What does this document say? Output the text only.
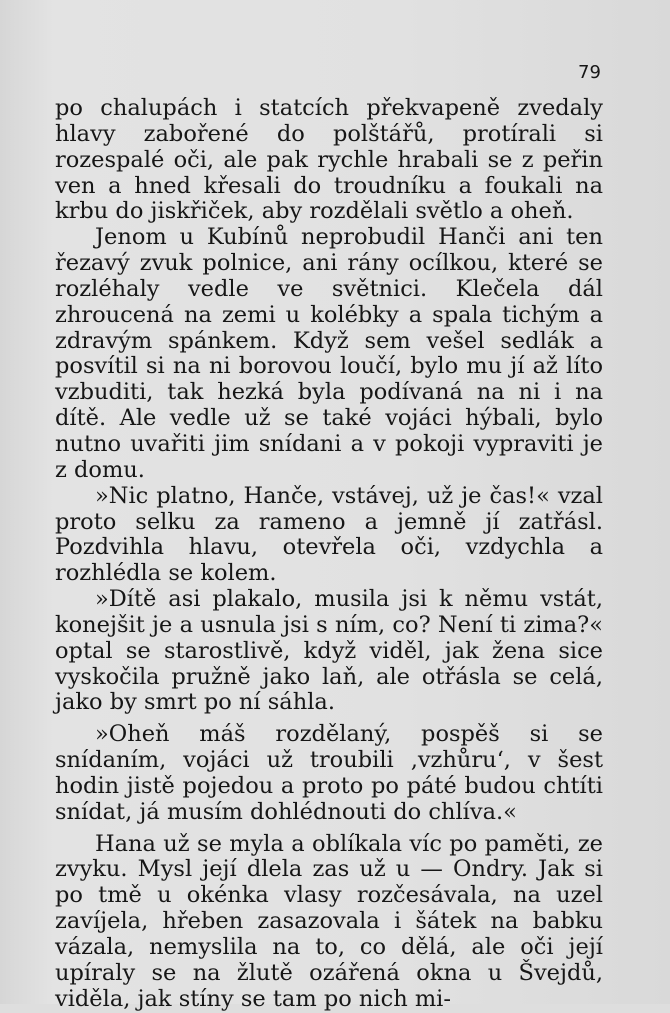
79

po chalupách i statcích překvapeně zvedaly hlavy zabořené do polštářů, protírali si rozespalé oči, ale pak rychle hrabali se z peřin ven a hned křesali do troudníku a foukali na krbu do jiskřiček, aby rozdělali světlo a oheň.

Jenom u Kubínů neprobudil Hanči ani ten řezavý zvuk polnice, ani rány ocílkou, které se rozléhaly vedle ve světnici. Klečela dál zhroucená na zemi u kolébky a spala tichým a zdravým spánkem. Když sem vešel sedlák a posvítil si na ni borovou loučí, bylo mu jí až líto vzbuditi, tak hezká byla podívaná na ni i na dítě. Ale vedle už se také vojáci hýbali, bylo nutno uvařiti jim snídani a v pokoji vypraviti je z domu.

»Nic platno, Hanče, vstávej, už je čas!« vzal proto selku za rameno a jemně jí zatřásl. Pozdvihla hlavu, otevřela oči, vzdychla a rozhlédla se kolem.

»Dítě asi plakalo, musila jsi k němu vstát, konejšit je a usnula jsi s ním, co? Není ti zima?« optal se starostlivě, když viděl, jak žena sice vyskočila pružně jako laň, ale otřásla se celá, jako by smrt po ní sáhla.

»Oheň máš rozdělaný, pospěš si se snídaním, vojáci už troubili ‚vzhůru‘, v šest hodin jistě pojedou a proto po páté budou chtíti snídat, já musím dohlédnouti do chlíva.«

Hana už se myla a oblíkala víc po paměti, ze zvyku. Mysl její dlela zas už u — Ondry. Jak si po tmě u okénka vlasy rozčesávala, na uzel zavíjela, hřeben zasazovala i šátek na babku vázala, nemyslila na to, co dělá, ale oči její upíraly se na žlutě ozářená okna u Švejdů, viděla, jak stíny se tam po nich mi-
